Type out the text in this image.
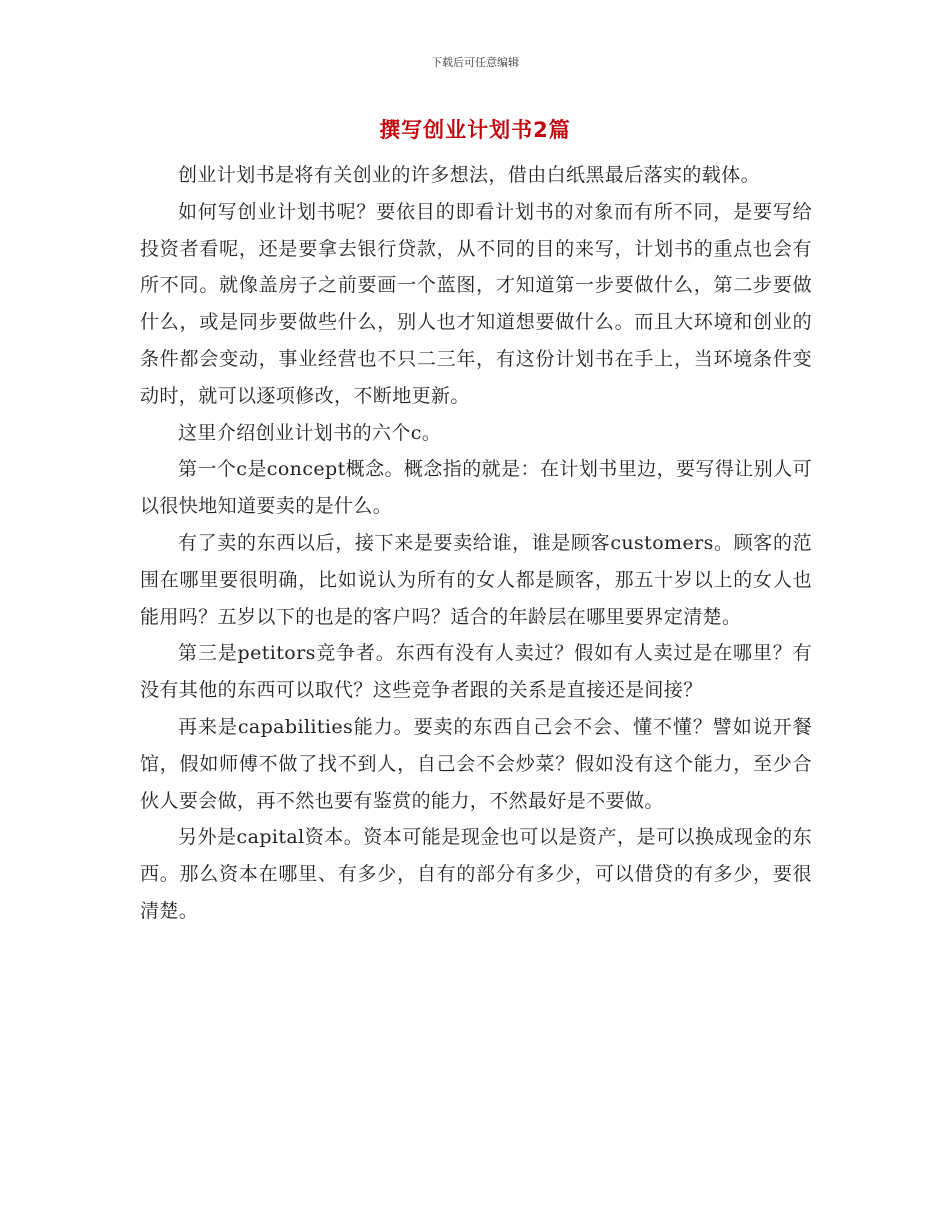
下载后可任意编辑
撰写创业计划书2篇

创业计划书是将有关创业的许多想法，借由白纸黑最后落实的载体。

如何写创业计划书呢？要依目的即看计划书的对象而有所不同，是要写给投资者看呢，还是要拿去银行贷款，从不同的目的来写，计划书的重点也会有所不同。就像盖房子之前要画一个蓝图，才知道第一步要做什么，第二步要做什么，或是同步要做些什么，别人也才知道想要做什么。而且大环境和创业的条件都会变动，事业经营也不只二三年，有这份计划书在手上，当环境条件变动时，就可以逐项修改，不断地更新。

这里介绍创业计划书的六个c。

第一个c是concept概念。概念指的就是：在计划书里边，要写得让别人可以很快地知道要卖的是什么。

有了卖的东西以后，接下来是要卖给谁，谁是顾客customers。顾客的范围在哪里要很明确，比如说认为所有的女人都是顾客，那五十岁以上的女人也能用吗？五岁以下的也是的客户吗？适合的年龄层在哪里要界定清楚。

第三是petitors竞争者。东西有没有人卖过？假如有人卖过是在哪里？有没有其他的东西可以取代？这些竞争者跟的关系是直接还是间接？

再来是capabilities能力。要卖的东西自己会不会、懂不懂？譬如说开餐馆，假如师傅不做了找不到人，自己会不会炒菜？假如没有这个能力，至少合伙人要会做，再不然也要有鉴赏的能力，不然最好是不要做。

另外是capital资本。资本可能是现金也可以是资产，是可以换成现金的东西。那么资本在哪里、有多少，自有的部分有多少，可以借贷的有多少，要很清楚。
